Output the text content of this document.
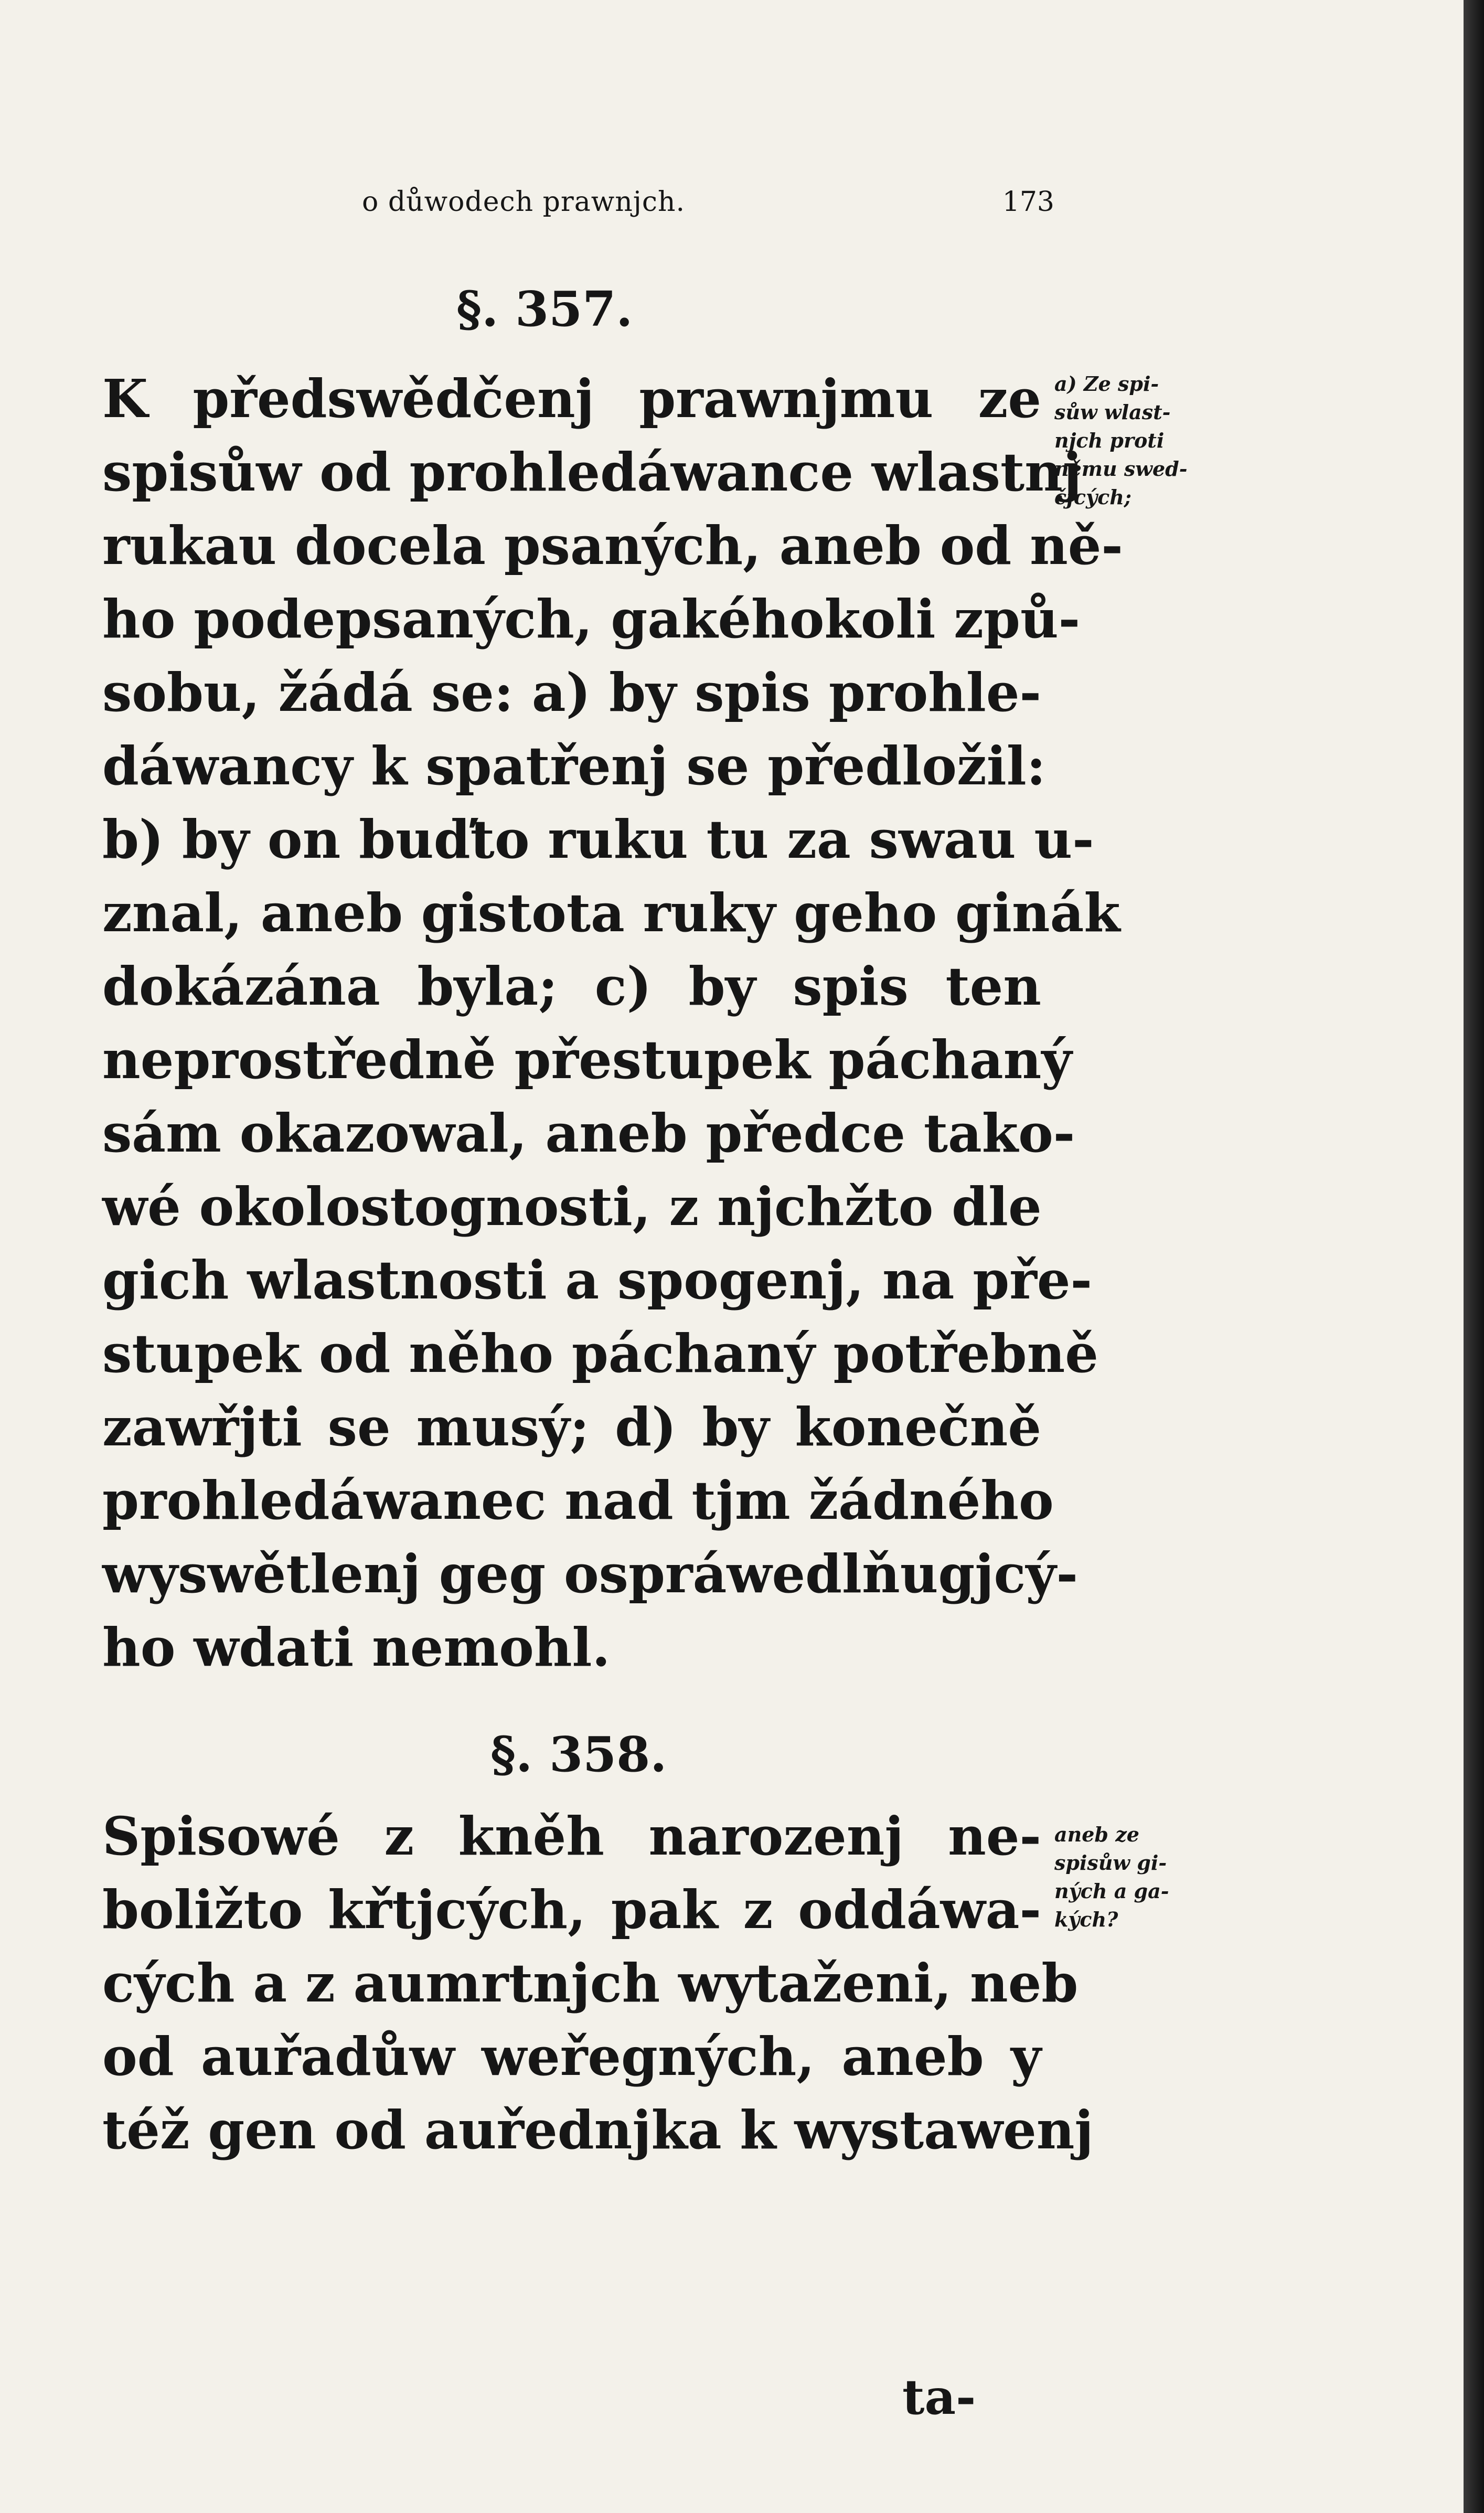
o důwodech prawnjch.	173
§. 357.
K předswědčenj prawnjmu ze
spisůw od prohledáwance wlastnj
rukau docela psaných, aneb od ně-
ho podepsaných, gakéhokoli způ-
sobu, žádá se: a) by spis prohle-
dáwancy k spatřenj se předložil:
b) by on buďto ruku tu za swau u-
znal, aneb gistota ruky geho ginák
dokázána byla; c) by spis ten
neprostředně přestupek páchaný
sám okazowal, aneb předce tako-
wé okolostognosti, z njchžto dle
gich wlastnosti a spogenj, na pře-
stupek od něho páchaný potřebně
zawřjti se musý; d) by konečně
prohledáwanec nad tjm žádného
wyswětlenj geg ospráwedlňugjcý-
ho wdati nemohl.
a) Ze spi-
sůw wlast-
njch proti
němu swed-
čjcých;
§. 358.
Spisowé z kněh narozenj ne-
boližto křtjcých, pak z oddáwa-
cých a z aumrtnjch wytaženi, neb
od auřadůw weřegných, aneb y
též gen od auřednjka k wystawenj
aneb ze
spisůw gi-
ných a ga-
kých?
ta-
